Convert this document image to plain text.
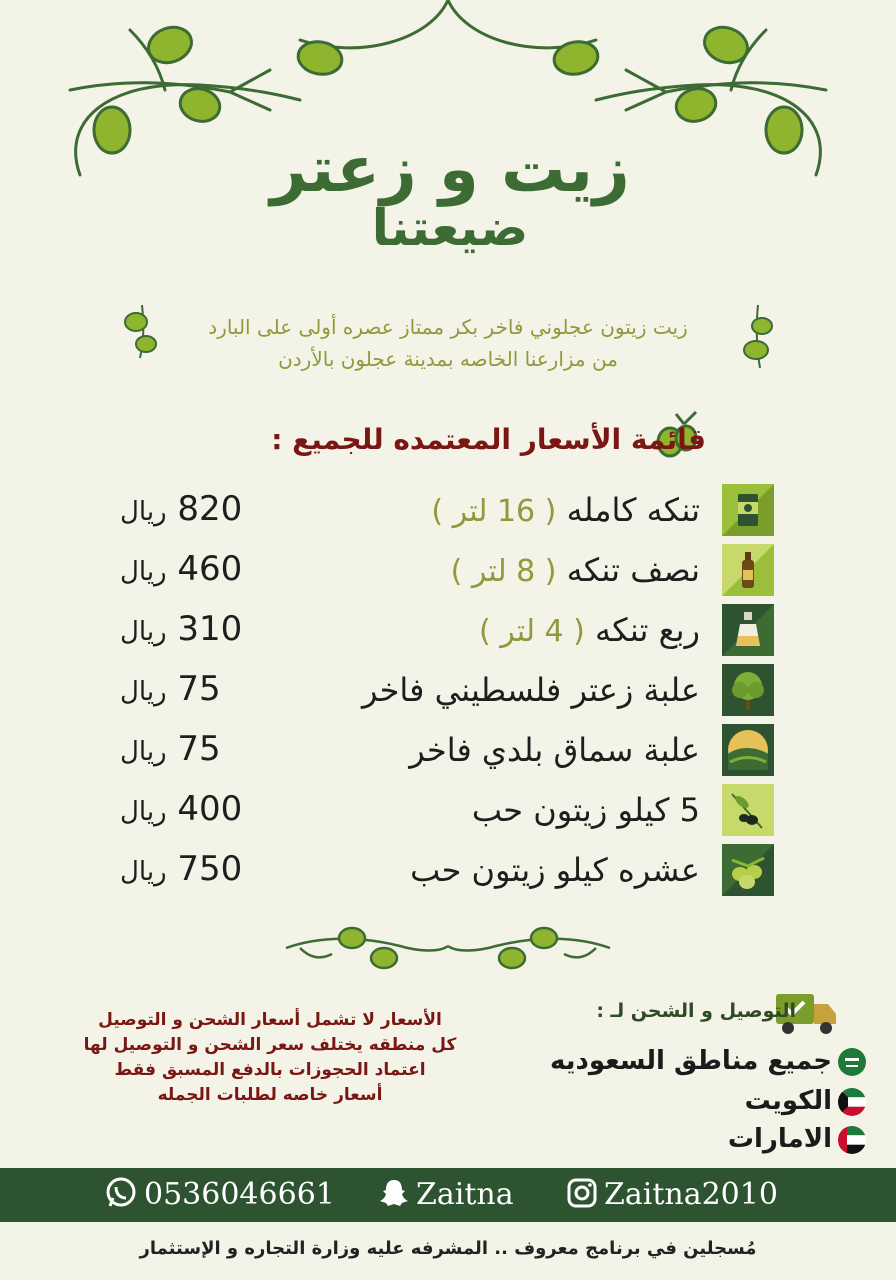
زيت و زعتر
ضيعتنا
زيت زيتون عجلوني فاخر بكر ممتاز عصره أولى على البارد
من مزارعنا الخاصه بمدينة عجلون بالأردن
قائمة الأسعار المعتمده للجميع :
تنكه كامله ( 16 لتر )
820 ريال
نصف تنكه ( 8 لتر )
460 ريال
ربع تنكه ( 4 لتر )
310 ريال
علبة زعتر فلسطيني فاخر
75 ريال
علبة سماق بلدي فاخر
75 ريال
5 كيلو زيتون حب
400 ريال
عشره كيلو زيتون حب
750 ريال
الأسعار لا تشمل أسعار الشحن و التوصيل
كل منطقه يختلف سعر الشحن و التوصيل لها
اعتماد الحجوزات بالدفع المسبق فقط
أسعار خاصه لطلبات الجمله
التوصيل و الشحن لـ :
جميع مناطق السعوديه
الكويت
الامارات
0536046661	Zaitna	Zaitna2010
مُسجلين في برنامج معروف .. المشرفه عليه وزارة التجاره و الإستثمار
